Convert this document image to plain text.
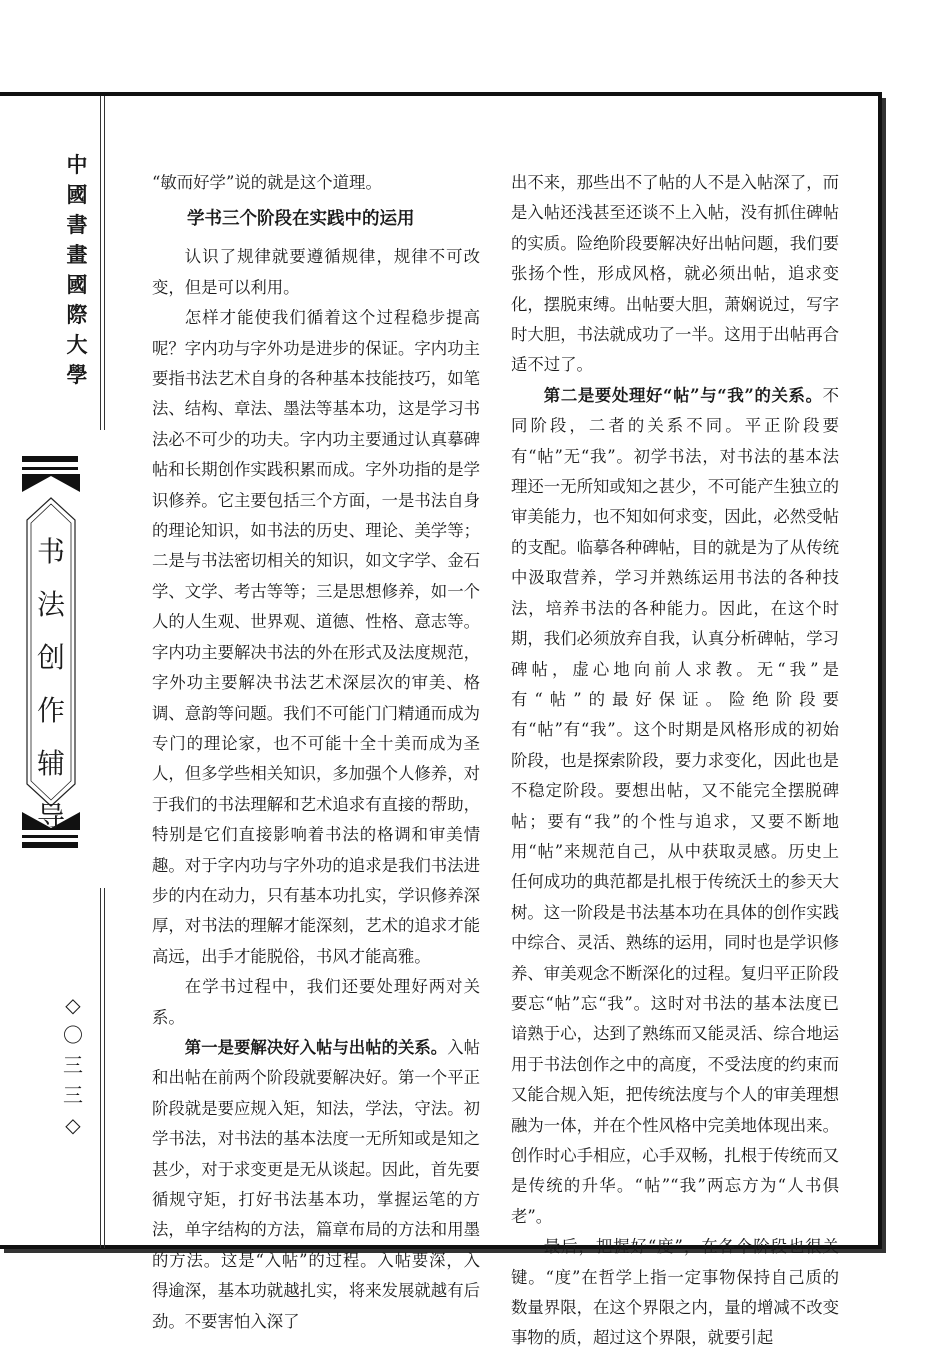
中
國
書
畫
國
際
大
學
书
法
创
作
辅
导
◇
〇
三
三
◇

“敏而好学”说的就是这个道理。

学书三个阶段在实践中的运用

认识了规律就要遵循规律，规律不可改变，但是可以利用。

怎样才能使我们循着这个过程稳步提高呢？字内功与字外功是进步的保证。字内功主要指书法艺术自身的各种基本技能技巧，如笔法、结构、章法、墨法等基本功，这是学习书法必不可少的功夫。字内功主要通过认真摹碑帖和长期创作实践积累而成。字外功指的是学识修养。它主要包括三个方面，一是书法自身的理论知识，如书法的历史、理论、美学等；二是与书法密切相关的知识，如文字学、金石学、文学、考古等等；三是思想修养，如一个人的人生观、世界观、道德、性格、意志等。字内功主要解决书法的外在形式及法度规范，字外功主要解决书法艺术深层次的审美、格调、意韵等问题。我们不可能门门精通而成为专门的理论家，也不可能十全十美而成为圣人，但多学些相关知识，多加强个人修养，对于我们的书法理解和艺术追求有直接的帮助，特别是它们直接影响着书法的格调和审美情趣。对于字内功与字外功的追求是我们书法进步的内在动力，只有基本功扎实，学识修养深厚，对书法的理解才能深刻，艺术的追求才能高远，出手才能脱俗，书风才能高雅。

在学书过程中，我们还要处理好两对关系。

第一是要解决好入帖与出帖的关系。入帖和出帖在前两个阶段就要解决好。第一个平正阶段就是要应规入矩，知法，学法，守法。初学书法，对书法的基本法度一无所知或是知之甚少，对于求变更是无从谈起。因此，首先要循规守矩，打好书法基本功，掌握运笔的方法，单字结构的方法，篇章布局的方法和用墨的方法。这是“入帖”的过程。入帖要深，入得逾深，基本功就越扎实，将来发展就越有后劲。不要害怕入深了

出不来，那些出不了帖的人不是入帖深了，而是入帖还浅甚至还谈不上入帖，没有抓住碑帖的实质。险绝阶段要解决好出帖问题，我们要张扬个性，形成风格，就必须出帖，追求变化，摆脱束缚。出帖要大胆，萧娴说过，写字时大胆，书法就成功了一半。这用于出帖再合适不过了。

第二是要处理好“帖”与“我”的关系。不同阶段，二者的关系不同。平正阶段要有“帖”无“我”。初学书法，对书法的基本法理还一无所知或知之甚少，不可能产生独立的审美能力，也不知如何求变，因此，必然受帖的支配。临摹各种碑帖，目的就是为了从传统中汲取营养，学习并熟练运用书法的各种技法，培养书法的各种能力。因此，在这个时期，我们必须放弃自我，认真分析碑帖，学习碑帖，虚心地向前人求教。无“我”是有“帖”的最好保证。险绝阶段要有“帖”有“我”。这个时期是风格形成的初始阶段，也是探索阶段，要力求变化，因此也是不稳定阶段。要想出帖，又不能完全摆脱碑帖；要有“我”的个性与追求，又要不断地用“帖”来规范自己，从中获取灵感。历史上任何成功的典范都是扎根于传统沃土的参天大树。这一阶段是书法基本功在具体的创作实践中综合、灵活、熟练的运用，同时也是学识修养、审美观念不断深化的过程。复归平正阶段要忘“帖”忘“我”。这时对书法的基本法度已谙熟于心，达到了熟练而又能灵活、综合地运用于书法创作之中的高度，不受法度的约束而又能合规入矩，把传统法度与个人的审美理想融为一体，并在个性风格中完美地体现出来。创作时心手相应，心手双畅，扎根于传统而又是传统的升华。“帖”“我”两忘方为“人书俱老”。

最后，把握好“度”，在各个阶段也很关键。“度”在哲学上指一定事物保持自己质的数量界限，在这个界限之内，量的增减不改变事物的质，超过这个界限，就要引起
